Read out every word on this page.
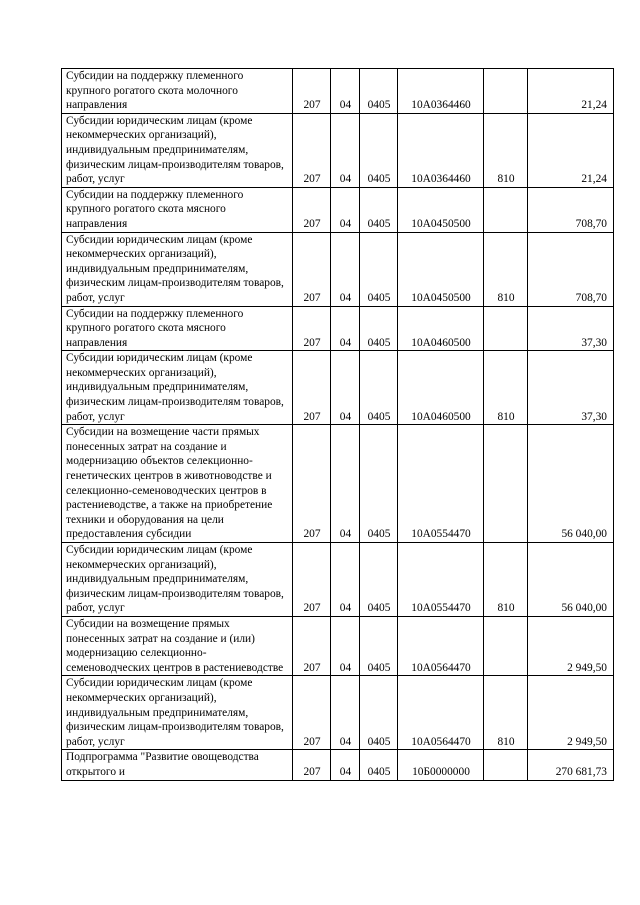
Субсидии на поддержку племенного крупного рогатого скота молочного направления	207	04	0405	10А0364460		21,24

Субсидии юридическим лицам (кроме некоммерческих организаций), индивидуальным предпринимателям, физическим лицам-производителям товаров, работ, услуг	207	04	0405	10А0364460	810	21,24

Субсидии на поддержку племенного крупного рогатого скота мясного направления	207	04	0405	10А0450500		708,70

Субсидии юридическим лицам (кроме некоммерческих организаций), индивидуальным предпринимателям, физическим лицам-производителям товаров, работ, услуг	207	04	0405	10А0450500	810	708,70

Субсидии на поддержку племенного крупного рогатого скота мясного направления	207	04	0405	10А0460500		37,30

Субсидии юридическим лицам (кроме некоммерческих организаций), индивидуальным предпринимателям, физическим лицам-производителям товаров, работ, услуг	207	04	0405	10А0460500	810	37,30

Субсидии на возмещение части прямых понесенных затрат на создание и модернизацию объектов селекционно-генетических центров в животноводстве и селекционно-семеноводческих центров в растениеводстве, а также на приобретение техники и оборудования на цели предоставления субсидии	207	04	0405	10А0554470		56 040,00

Субсидии юридическим лицам (кроме некоммерческих организаций), индивидуальным предпринимателям, физическим лицам-производителям товаров, работ, услуг	207	04	0405	10А0554470	810	56 040,00

Субсидии на возмещение прямых понесенных затрат на создание и (или) модернизацию селекционно-семеноводческих центров в растениеводстве	207	04	0405	10А0564470		2 949,50

Субсидии юридическим лицам (кроме некоммерческих организаций), индивидуальным предпринимателям, физическим лицам-производителям товаров, работ, услуг	207	04	0405	10А0564470	810	2 949,50

Подпрограмма "Развитие овощеводства открытого и	207	04	0405	10Б0000000		270 681,73
